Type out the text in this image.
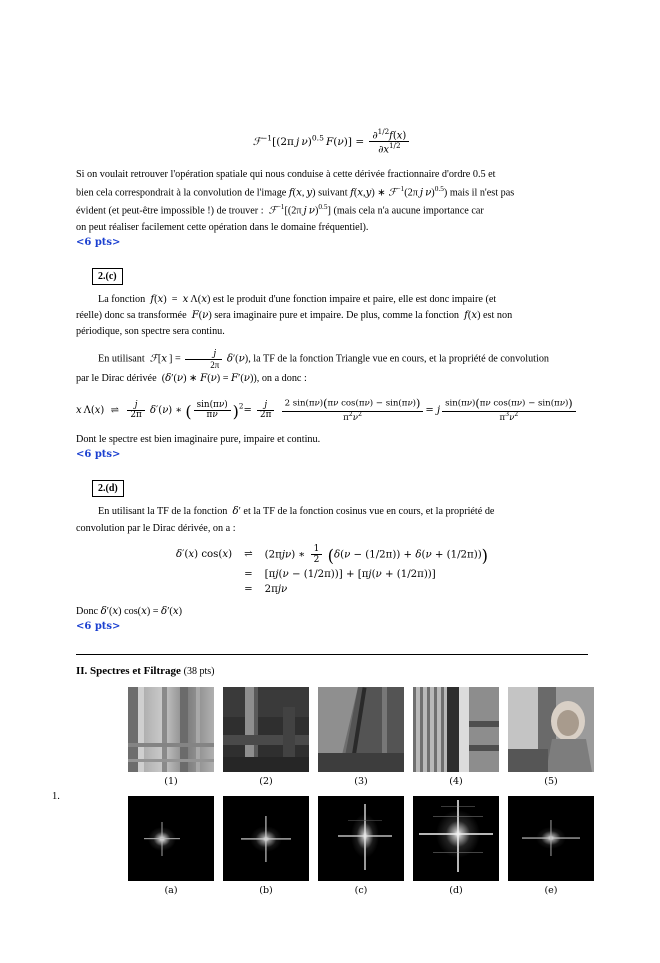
ℱ$^{-1}$[(2π j  ν)$^{0.5}$  $F(\nu)] = \frac{\partial^{1/2}f(x)}{\partial x^{1/2}}$
Si on voulait retrouver l'opération spatiale qui nous conduise à cette dérivée fractionnaire d'ordre 0.5 et
bien cela correspondrait à la convolution de l'image f(x, y) suivant f(x,y) ∗ ℱ$^{-1}$(2π j  ν)$^{0.5}$) mais il n'est pas
évident (et peut-être impossible !) de trouver : ℱ$^{-1}$[(2π j  ν)$^{0.5}$] (mais cela n'a aucune importance car
on peut réaliser facilement cette opération dans le domaine fréquentiel).
<6 pts>
2.(c)
La fonction f(x)  =  x Λ(x) est le produit d'une fonction impaire et paire, elle est donc impaire (et
réelle) donc sa transformée F(ν) sera imaginaire pure et impaire. De plus, comme la fonction f(x) est non
périodique, son spectre sera continu.
En utilisant ℱ[x ] = $\frac{j}{2\pi} \delta'(\nu)$, la TF de la fonction Triangle vue en cours, et la propriété de convolution
par le Dirac dérivée  (δ′(ν) ∗ F(ν) = F′(ν)), on a donc :
x Λ(x)  ⇌ $\frac{j}{2\pi} \delta'(\nu)$ ∗ ( $\frac{\sin(\pi\nu)}{\pi\nu} )^2= \frac{j}{2\pi}$
$\frac{\text{2 sin(πν)(πν cos(πν) − sin(πν))}}{\pi^2\nu^2} = j \frac{\text{sin(πν)(πν cos(πν) − sin(πν))}}{\pi^3\nu^2}$
Dont le spectre est bien imaginaire pure, impaire et continu.
<6 pts>
2.(d)
En utilisant la TF de la fonction δ′ et la TF de la fonction cosinus vue en cours, et la propriété de
convolution par le Dirac dérivée, on a :
δ′(x) cos(x)	⇌	(2πjν) ∗ $\frac{1}{2} (\delta(\nu - (1/2\pi)) + \delta(\nu + (1/2\pi)))$
	=	[πj(ν − (1/2π))] + [πj(ν + (1/2π))]
	=	2πjν
Donc δ′(x) cos(x) = δ′(x)
<6 pts>
II. Spectres et Filtrage (38 pts)
1.
(1)	(2)	(3)	(4)	(5)
(a)	(b)	(c)	(d)	(e)
